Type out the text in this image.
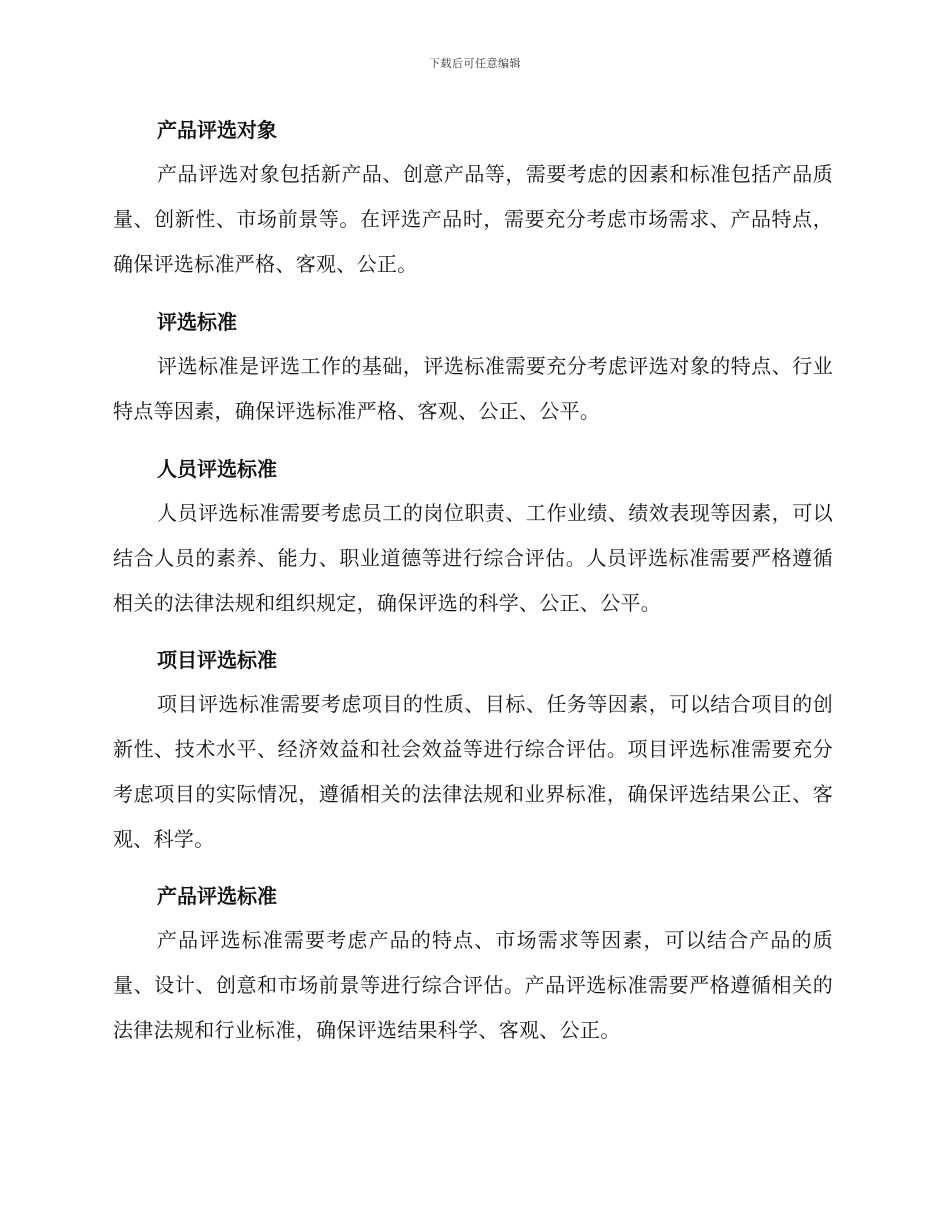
下载后可任意编辑
产品评选对象

产品评选对象包括新产品、创意产品等，需要考虑的因素和标准包括产品质量、创新性、市场前景等。在评选产品时，需要充分考虑市场需求、产品特点，确保评选标准严格、客观、公正。

评选标准

评选标准是评选工作的基础，评选标准需要充分考虑评选对象的特点、行业特点等因素，确保评选标准严格、客观、公正、公平。

人员评选标准

人员评选标准需要考虑员工的岗位职责、工作业绩、绩效表现等因素，可以结合人员的素养、能力、职业道德等进行综合评估。人员评选标准需要严格遵循相关的法律法规和组织规定，确保评选的科学、公正、公平。

项目评选标准

项目评选标准需要考虑项目的性质、目标、任务等因素，可以结合项目的创新性、技术水平、经济效益和社会效益等进行综合评估。项目评选标准需要充分考虑项目的实际情况，遵循相关的法律法规和业界标准，确保评选结果公正、客观、科学。

产品评选标准

产品评选标准需要考虑产品的特点、市场需求等因素，可以结合产品的质量、设计、创意和市场前景等进行综合评估。产品评选标准需要严格遵循相关的法律法规和行业标准，确保评选结果科学、客观、公正。
